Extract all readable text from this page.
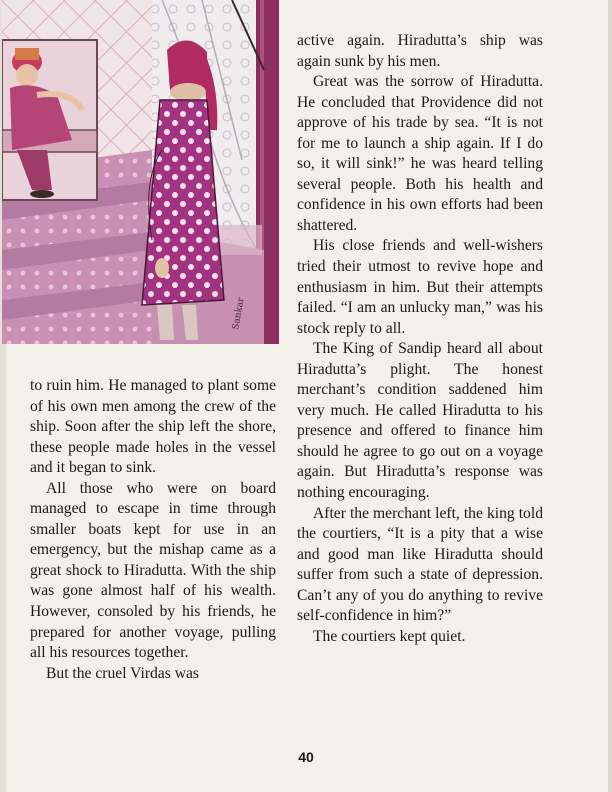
Sankar

to ruin him. He managed to plant some of his own men among the crew of the ship. Soon after the ship left the shore, these people made holes in the vessel and it began to sink.

All those who were on board managed to escape in time through smaller boats kept for use in an emergency, but the mishap came as a great shock to Hiradutta. With the ship was gone almost half of his wealth. However, consoled by his friends, he prepared for another voyage, pulling all his resources together.

But the cruel Virdas was

active again. Hiradutta’s ship was again sunk by his men.

Great was the sorrow of Hiradutta. He concluded that Providence did not approve of his trade by sea. “It is not for me to launch a ship again. If I do so, it will sink!” he was heard telling several people. Both his health and confidence in his own efforts had been shattered.

His close friends and well-wishers tried their utmost to revive hope and enthusiasm in him. But their attempts failed. “I am an unlucky man,” was his stock reply to all.

The King of Sandip heard all about Hiradutta’s plight. The honest merchant’s condition saddened him very much. He called Hiradutta to his presence and offered to finance him should he agree to go out on a voyage again. But Hiradutta’s response was nothing encouraging.

After the merchant left, the king told the courtiers, “It is a pity that a wise and good man like Hiradutta should suffer from such a state of depression. Can’t any of you do anything to revive self-confidence in him?”

The courtiers kept quiet.

40
